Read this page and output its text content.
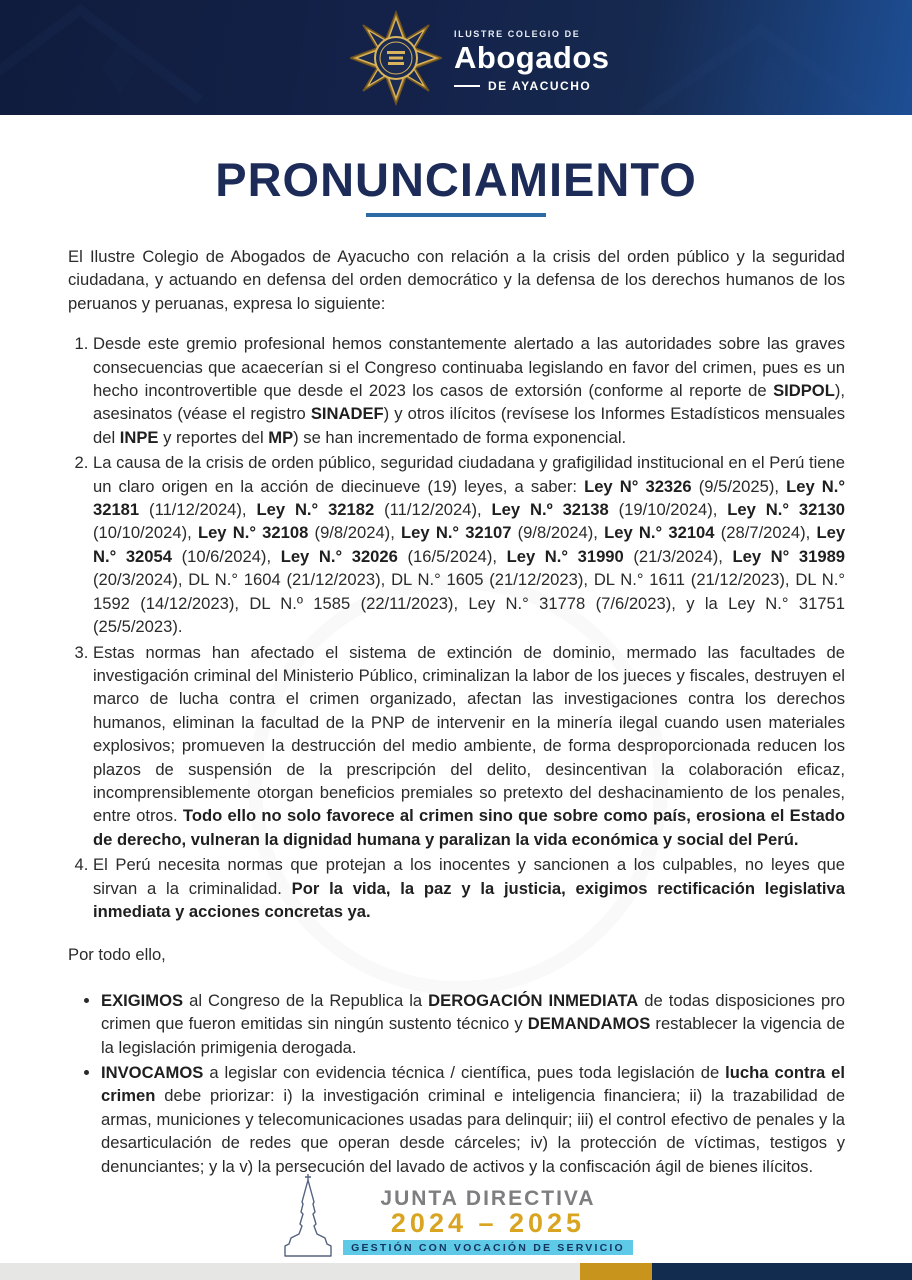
ILUSTRE COLEGIO DE
Abogados
DE AYACUCHO
PRONUNCIAMIENTO

El Ilustre Colegio de Abogados de Ayacucho con relación a la crisis del orden público y la seguridad ciudadana, y actuando en defensa del orden democrático y la defensa de los derechos humanos de los peruanos y peruanas, expresa lo siguiente:

1. Desde este gremio profesional hemos constantemente alertado a las autoridades sobre las graves consecuencias que acaecerían si el Congreso continuaba legislando en favor del crimen, pues es un hecho incontrovertible que desde el 2023 los casos de extorsión (conforme al reporte de SIDPOL), asesinatos (véase el registro SINADEF) y otros ilícitos (revísese los Informes Estadísticos mensuales del INPE y reportes del MP) se han incrementado de forma exponencial.
2. La causa de la crisis de orden público, seguridad ciudadana y grafigilidad institucional en el Perú tiene un claro origen en la acción de diecinueve (19) leyes, a saber: Ley N° 32326 (9/5/2025), Ley N.° 32181 (11/12/2024), Ley N.° 32182 (11/12/2024), Ley N.º 32138 (19/10/2024), Ley N.° 32130 (10/10/2024), Ley N.° 32108 (9/8/2024), Ley N.° 32107 (9/8/2024), Ley N.° 32104 (28/7/2024), Ley N.° 32054 (10/6/2024), Ley N.° 32026 (16/5/2024), Ley N.° 31990 (21/3/2024), Ley N° 31989 (20/3/2024), DL N.° 1604 (21/12/2023), DL N.° 1605 (21/12/2023), DL N.° 1611 (21/12/2023), DL N.° 1592 (14/12/2023), DL N.º 1585 (22/11/2023), Ley N.° 31778 (7/6/2023), y la Ley N.° 31751 (25/5/2023).
3. Estas normas han afectado el sistema de extinción de dominio, mermado las facultades de investigación criminal del Ministerio Público, criminalizan la labor de los jueces y fiscales, destruyen el marco de lucha contra el crimen organizado, afectan las investigaciones contra los derechos humanos, eliminan la facultad de la PNP de intervenir en la minería ilegal cuando usen materiales explosivos; promueven la destrucción del medio ambiente, de forma desproporcionada reducen los plazos de suspensión de la prescripción del delito, desincentivan la colaboración eficaz, incomprensiblemente otorgan beneficios premiales so pretexto del deshacinamiento de los penales, entre otros. Todo ello no solo favorece al crimen sino que sobre como país, erosiona el Estado de derecho, vulneran la dignidad humana y paralizan la vida económica y social del Perú.
4. El Perú necesita normas que protejan a los inocentes y sancionen a los culpables, no leyes que sirvan a la criminalidad. Por la vida, la paz y la justicia, exigimos rectificación legislativa inmediata y acciones concretas ya.

Por todo ello,

• EXIGIMOS al Congreso de la Republica la DEROGACIÓN INMEDIATA de todas disposiciones pro crimen que fueron emitidas sin ningún sustento técnico y DEMANDAMOS restablecer la vigencia de la legislación primigenia derogada.
• INVOCAMOS a legislar con evidencia técnica / científica, pues toda legislación de lucha contra el crimen debe priorizar: i) la investigación criminal e inteligencia financiera; ii) la trazabilidad de armas, municiones y telecomunicaciones usadas para delinquir; iii) el control efectivo de penales y la desarticulación de redes que operan desde cárceles; iv) la protección de víctimas, testigos y denunciantes; y la v) la persecución del lavado de activos y la confiscación ágil de bienes ilícitos.
JUNTA DIRECTIVA
2024 – 2025
GESTIÓN CON VOCACIÓN DE SERVICIO
